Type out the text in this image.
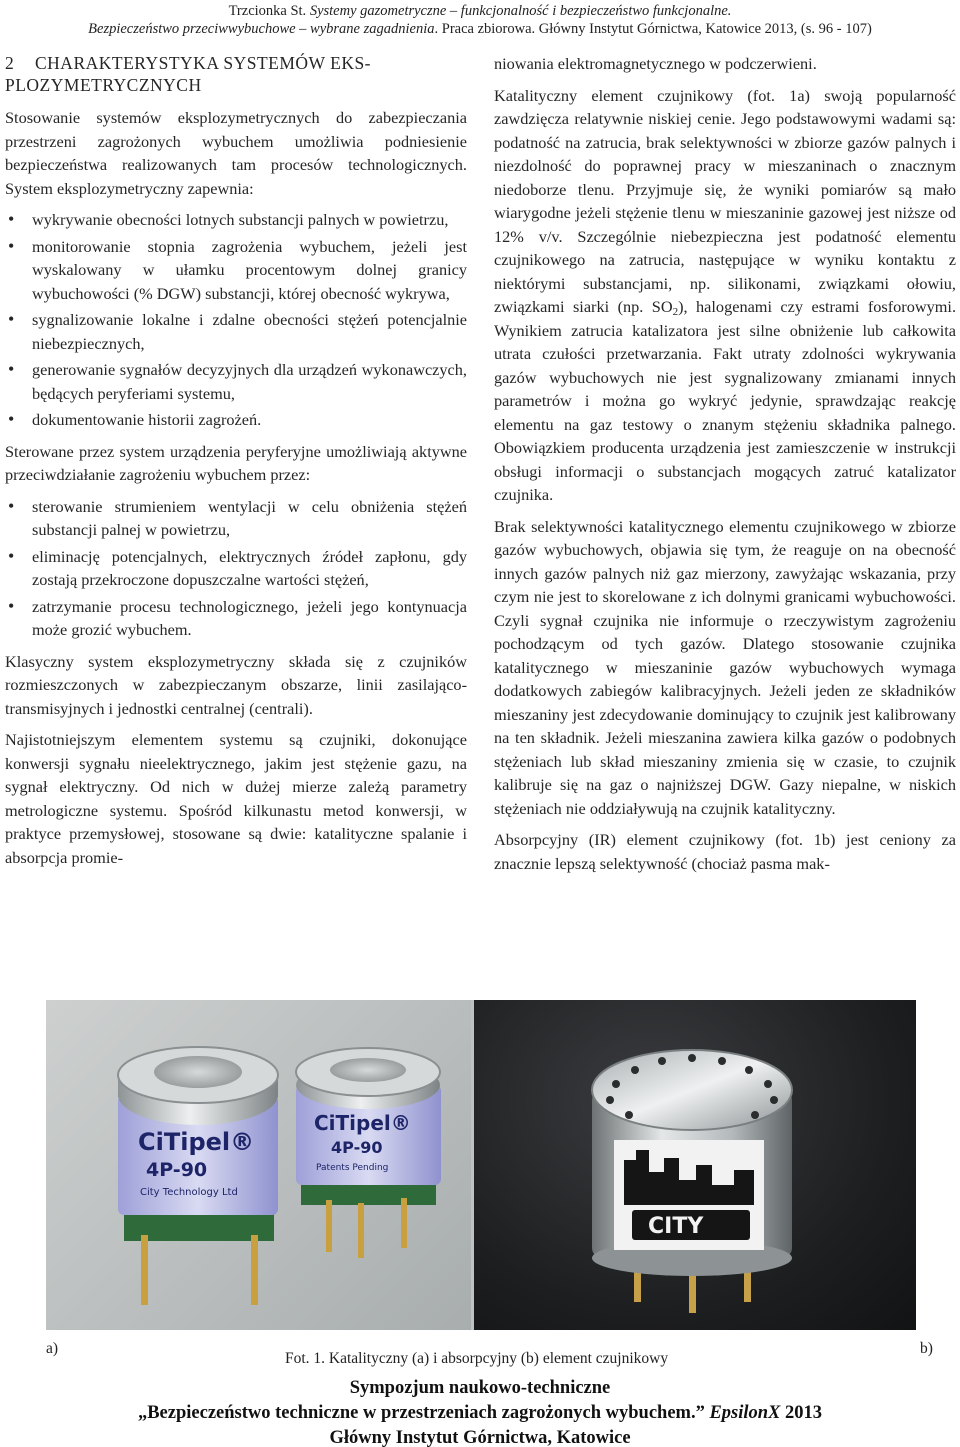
Trzcionka St. Systemy gazometryczne – funkcjonalność i bezpieczeństwo funkcjonalne.
Bezpieczeństwo przeciwwybuchowe – wybrane zagadnienia. Praca zbiorowa. Główny Instytut Górnictwa, Katowice 2013, (s. 96 - 107)
2 CHARAKTERYSTYKA SYSTEMÓW EKS-PLOZYMETRYCZNYCH

Stosowanie systemów eksplozymetrycznych do zabezpieczania przestrzeni zagrożonych wybuchem umożliwia podniesienie bezpieczeństwa realizowanych tam procesów technologicznych. System eksplozymetryczny zapewnia:

• wykrywanie obecności lotnych substancji palnych w powietrzu,
• monitorowanie stopnia zagrożenia wybuchem, jeżeli jest wyskalowany w ułamku procentowym dolnej granicy wybuchowości (% DGW) substancji, której obecność wykrywa,
• sygnalizowanie lokalne i zdalne obecności stężeń potencjalnie niebezpiecznych,
• generowanie sygnałów decyzyjnych dla urządzeń wykonawczych, będących peryferiami systemu,
• dokumentowanie historii zagrożeń.

Sterowane przez system urządzenia peryferyjne umożliwiają aktywne przeciwdziałanie zagrożeniu wybuchem przez:

• sterowanie strumieniem wentylacji w celu obniżenia stężeń substancji palnej w powietrzu,
• eliminację potencjalnych, elektrycznych źródeł zapłonu, gdy zostają przekroczone dopuszczalne wartości stężeń,
• zatrzymanie procesu technologicznego, jeżeli jego kontynuacja może grozić wybuchem.

Klasyczny system eksplozymetryczny składa się z czujników rozmieszczonych w zabezpieczanym obszarze, linii zasilająco-transmisyjnych i jednostki centralnej (centrali).

Najistotniejszym elementem systemu są czujniki, dokonujące konwersji sygnału nieelektrycznego, jakim jest stężenie gazu, na sygnał elektryczny. Od nich w dużej mierze zależą parametry metrologiczne systemu. Spośród kilkunastu metod konwersji, w praktyce przemysłowej, stosowane są dwie: katalityczne spalanie i absorpcja promie-

niowania elektromagnetycznego w podczerwieni.

Katalityczny element czujnikowy (fot. 1a) swoją popularność zawdzięcza relatywnie niskiej cenie. Jego podstawowymi wadami są: podatność na zatrucia, brak selektywności w zbiorze gazów palnych i niezdolność do poprawnej pracy w mieszaninach o znacznym niedoborze tlenu. Przyjmuje się, że wyniki pomiarów są mało wiarygodne jeżeli stężenie tlenu w mieszaninie gazowej jest niższe od 12% v/v. Szczególnie niebezpieczna jest podatność elementu czujnikowego na zatrucia, następujące w wyniku kontaktu z niektórymi substancjami, np. silikonami, związkami ołowiu, związkami siarki (np. $SO_2$), halogenami czy estrami fosforowymi. Wynikiem zatrucia katalizatora jest silne obniżenie lub całkowita utrata czułości przetwarzania. Fakt utraty zdolności wykrywania gazów wybuchowych nie jest sygnalizowany zmianami innych parametrów i można go wykryć jedynie, sprawdzając reakcję elementu na gaz testowy o znanym stężeniu składnika palnego. Obowiązkiem producenta urządzenia jest zamieszczenie w instrukcji obsługi informacji o substancjach mogących zatruć katalizator czujnika.

Brak selektywności katalitycznego elementu czujnikowego w zbiorze gazów wybuchowych, objawia się tym, że reaguje on na obecność innych gazów palnych niż gaz mierzony, zawyżając wskazania, przy czym nie jest to skorelowane z ich dolnymi granicami wybuchowości. Czyli sygnał czujnika nie informuje o rzeczywistym zagrożeniu pochodzącym od tych gazów. Dlatego stosowanie czujnika katalitycznego w mieszaninie gazów wybuchowych wymaga dodatkowych zabiegów kalibracyjnych. Jeżeli jeden ze składników mieszaniny jest zdecydowanie dominujący to czujnik jest kalibrowany na ten składnik. Jeżeli mieszanina zawiera kilka gazów o podobnych stężeniach lub skład mieszaniny zmienia się w czasie, to czujnik kalibruje się na gaz o najniższej DGW. Gazy niepalne, w niskich stężeniach nie oddziaływują na czujnik katalityczny.

Absorpcyjny (IR) element czujnikowy (fot. 1b) jest ceniony za znacznie lepszą selektywność (chociaż pasma mak-

CiTipel®
4P-90
City Technology Ltd
CiTipel®
4P-90
Patents Pending
CITY
a)
Fot. 1. Katalityczny (a) i absorpcyjny (b) element czujnikowy
b)
Sympozjum naukowo-techniczne
„Bezpieczeństwo techniczne w przestrzeniach zagrożonych wybuchem.” EpsilonX 2013
Główny Instytut Górnictwa, Katowice
